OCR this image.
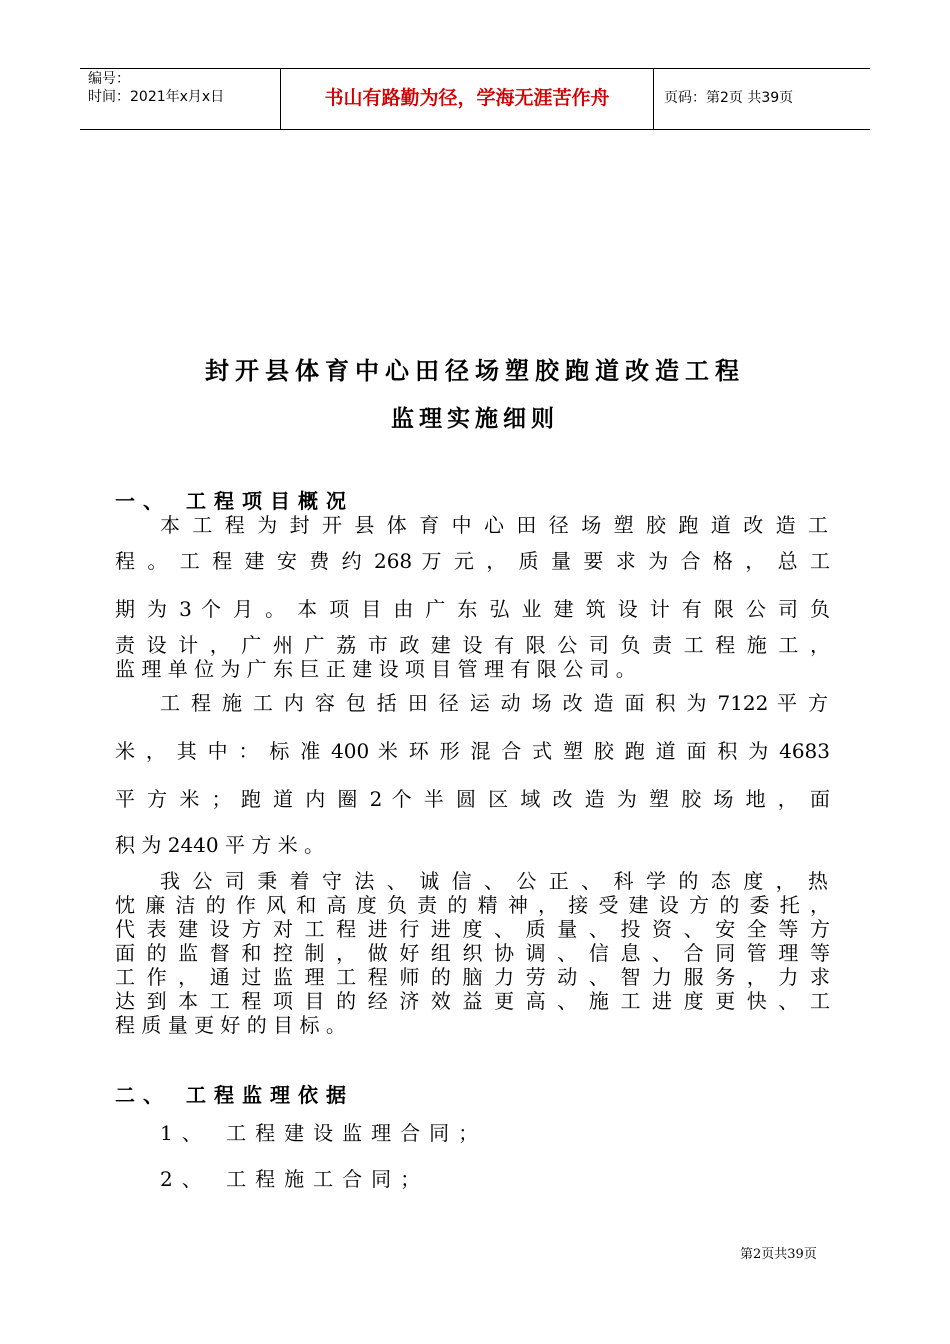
编号：
时间：2021年x月x日	书山有路勤为径，学海无涯苦作舟	页码：第2页 共39页
封开县体育中心田径场塑胶跑道改造工程
监理实施细则
一、 工程项目概况
本 工 程 为 封 开 县 体 育 中 心 田 径 场 塑 胶 跑 道 改 造 工
程 。 工 程 建 安 费 约 268 万 元 ， 质 量 要 求 为 合 格 ， 总 工
期 为 3 个 月 。 本 项 目 由 广 东 弘 业 建 筑 设 计 有 限 公 司 负
责 设 计 ， 广 州 广 荔 市 政 建 设 有 限 公 司 负 责 工 程 施 工 ，
监 理 单 位 为 广 东 巨 正 建 设 项 目 管 理 有 限 公 司 。
工 程 施 工 内 容 包 括 田 径 运 动 场 改 造 面 积 为 7122 平 方
米 ， 其 中 ： 标 准 400 米 环 形 混 合 式 塑 胶 跑 道 面 积 为 4683
平 方 米 ； 跑 道 内 圈 2 个 半 圆 区 域 改 造 为 塑 胶 场 地 ， 面
积 为 2440 平 方 米 。
我 公 司 秉 着 守 法 、 诚 信 、 公 正 、 科 学 的 态 度 ， 热
忱 廉 洁 的 作 风 和 高 度 负 责 的 精 神 ， 接 受 建 设 方 的 委 托 ，
代 表 建 设 方 对 工 程 进 行 进 度 、 质 量 、 投 资 、 安 全 等 方
面 的 监 督 和 控 制 ， 做 好 组 织 协 调 、 信 息 、 合 同 管 理 等
工 作 ， 通 过 监 理 工 程 师 的 脑 力 劳 动 、 智 力 服 务 ， 力 求
达 到 本 工 程 项 目 的 经 济 效 益 更 高 、 施 工 进 度 更 快 、 工
程 质 量 更 好 的 目 标 。
二、 工程监理依据
1、 工程建设监理合同；
2、 工程施工合同；
第2页共39页
